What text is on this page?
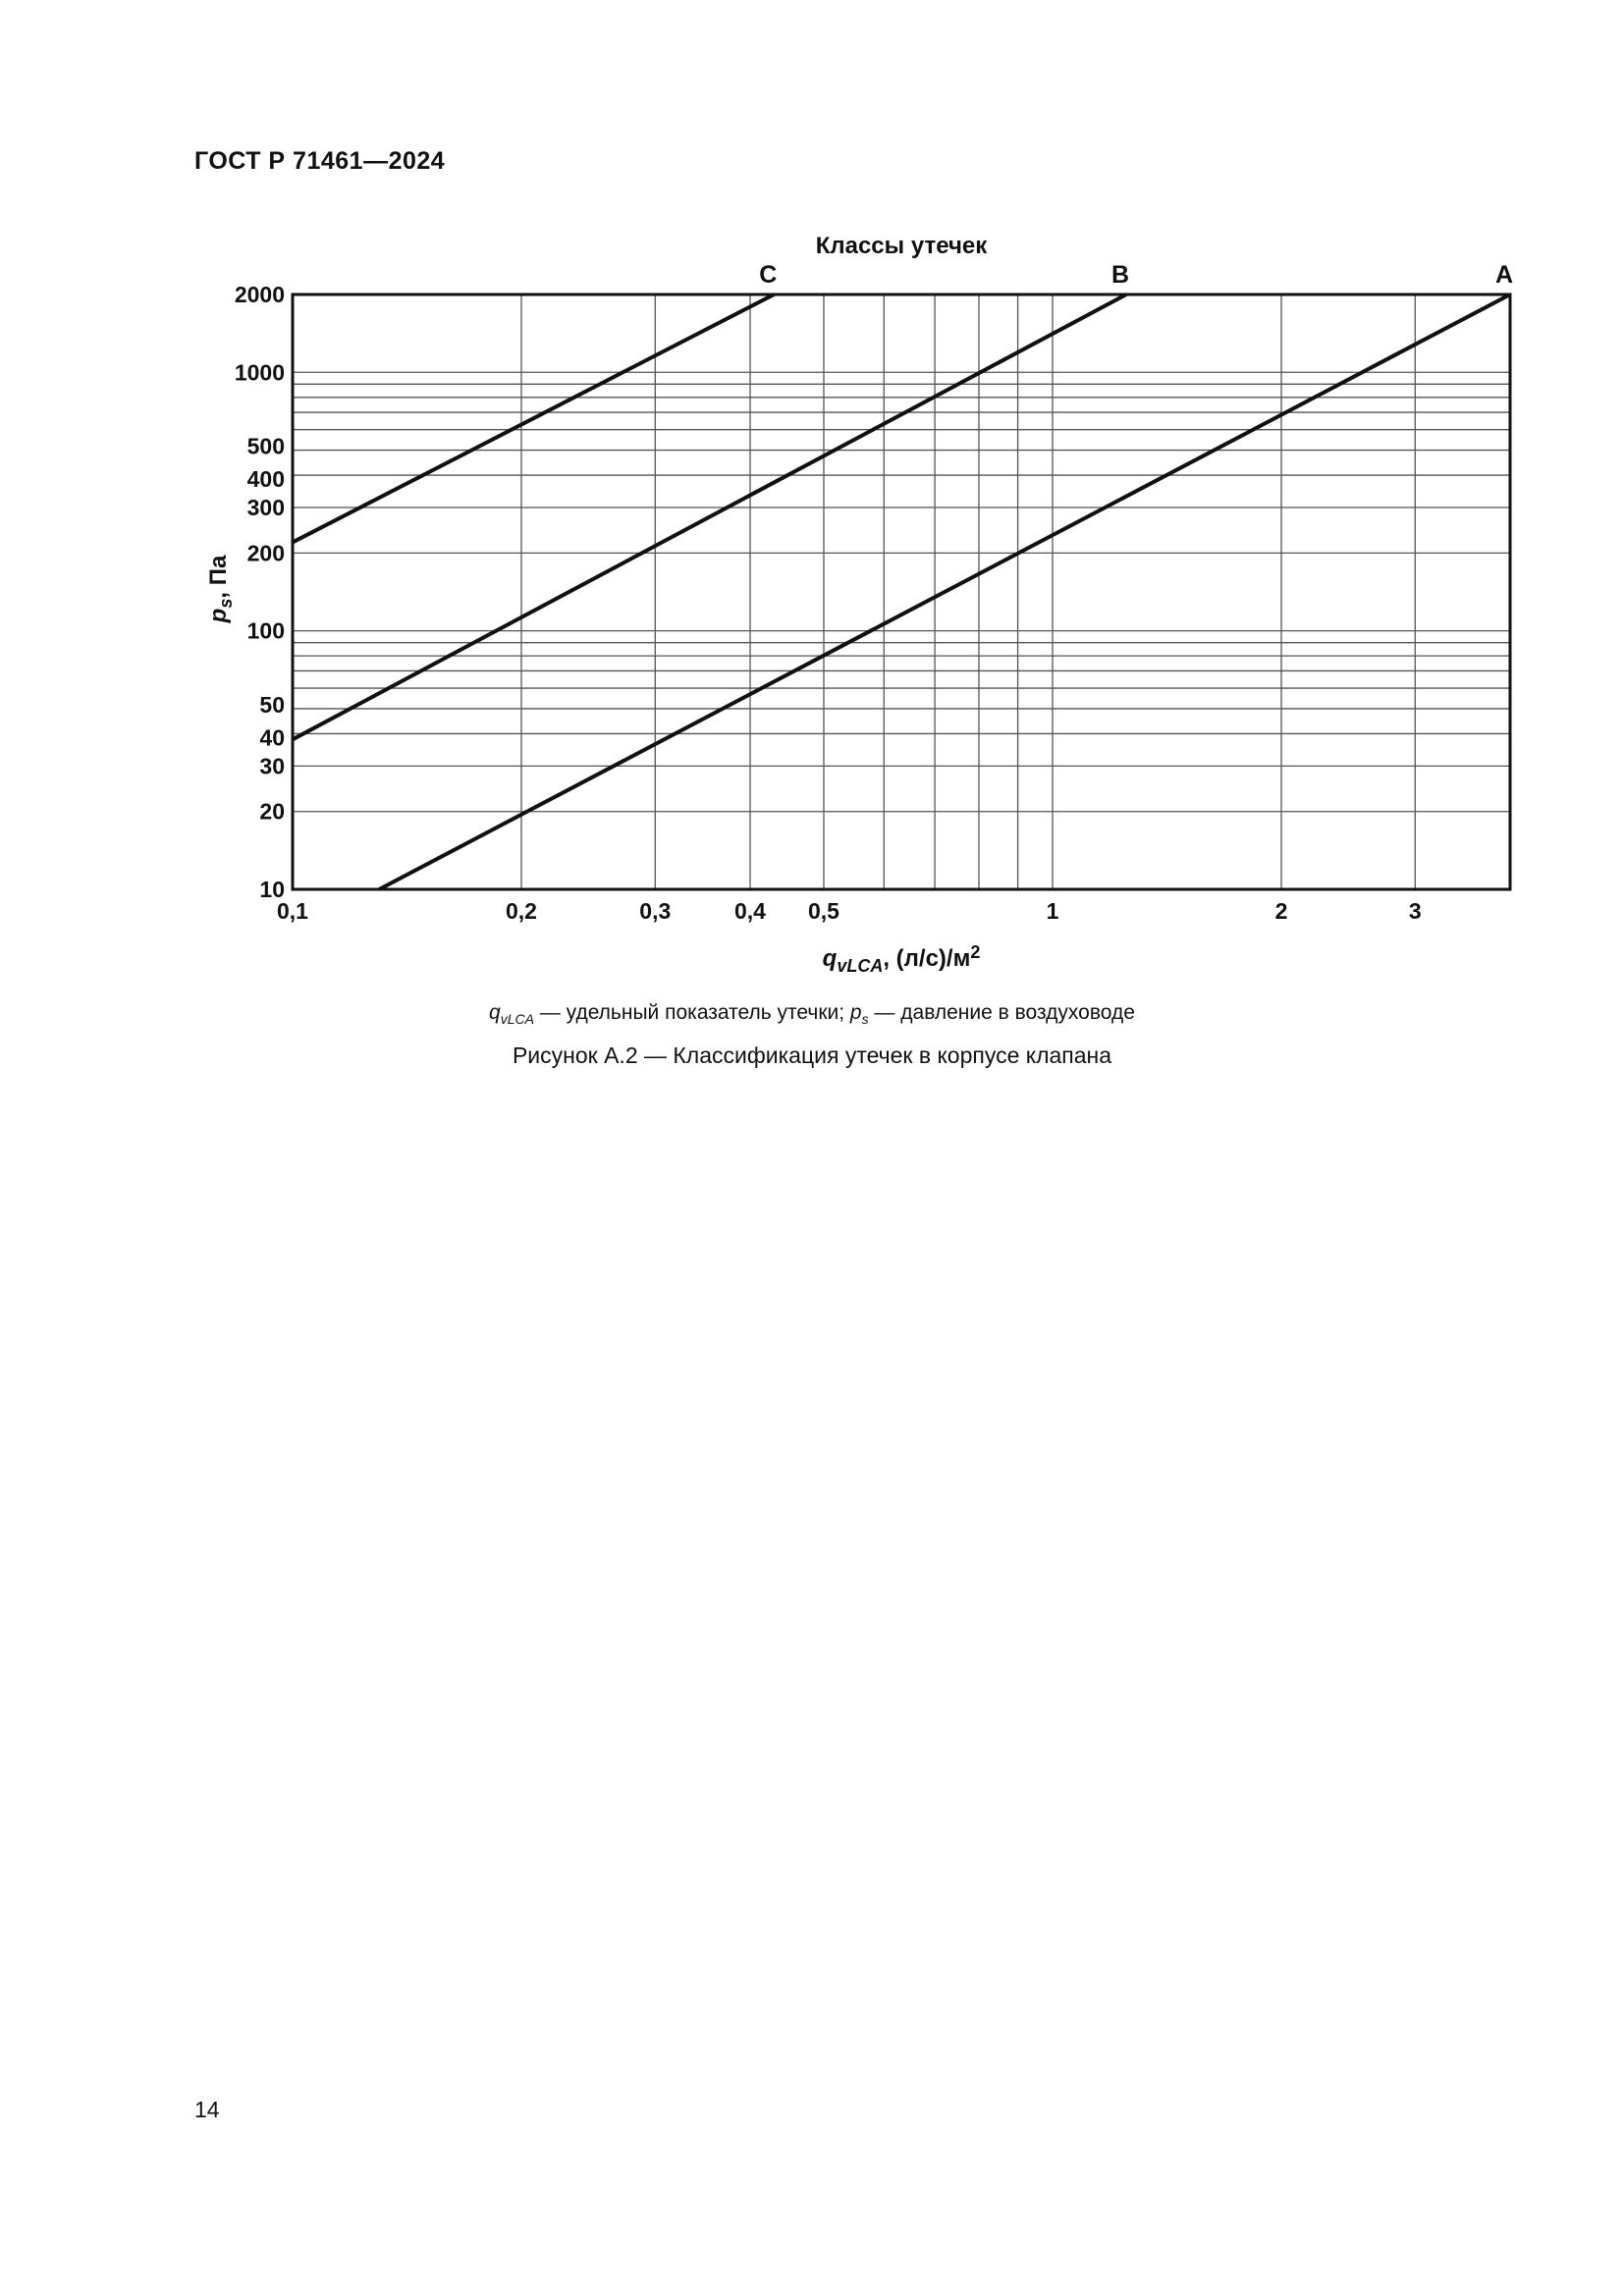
ГОСТ Р 71461—2024
10
20
30
40
50
100
200
300
400
500
1000
2000
0,1	0,2	0,3	0,4 0,5	1	2	3
C	B	A
Классы утечек
$q_{vLCA}$, $(л/с)/м^2$
$p_s$, Па
$q_{vLCA}$ — удельный показатель утечки; $p_s$ — давление в воздуховоде
Рисунок А.2 — Классификация утечек в корпусе клапана
14
